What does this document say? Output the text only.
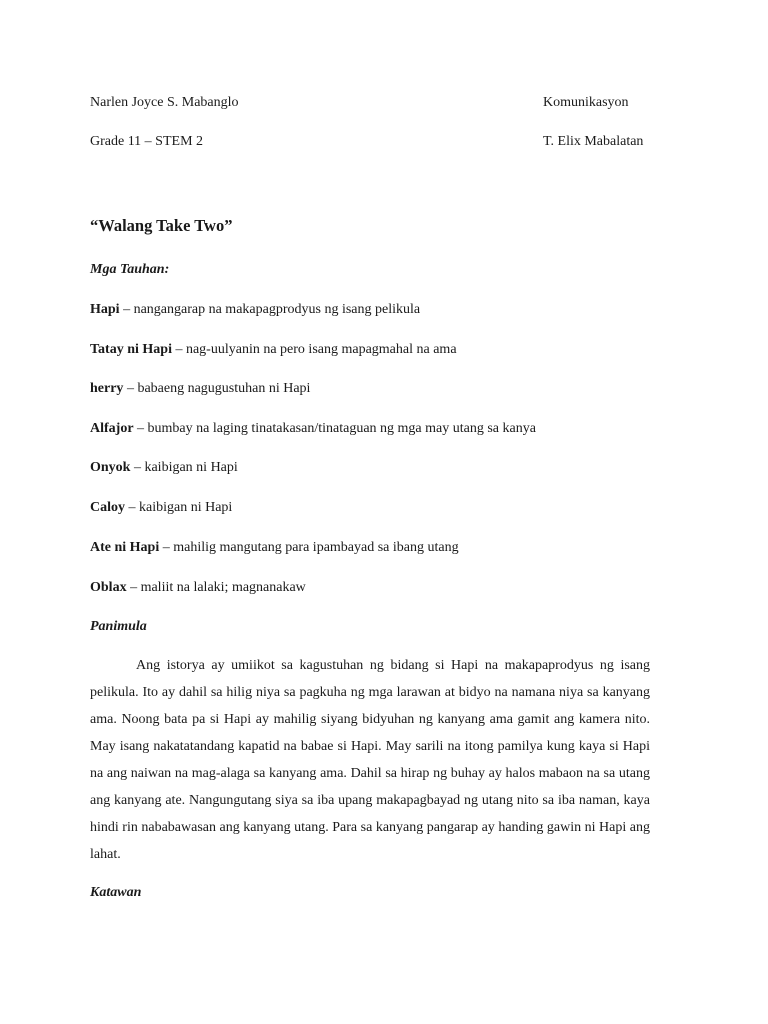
Narlen Joyce S. Mabanglo	Komunikasyon
Grade 11 – STEM 2	T. Elix Mabalatan
“Walang Take Two”
Mga Tauhan:
Hapi – nangangarap na makapagprodyus ng isang pelikula
Tatay ni Hapi – nag-uulyanin na pero isang mapagmahal na ama
herry – babaeng nagugustuhan ni Hapi
Alfajor – bumbay na laging tinatakasan/tinataguan ng mga may utang sa kanya
Onyok – kaibigan ni Hapi
Caloy – kaibigan ni Hapi
Ate ni Hapi – mahilig mangutang para ipambayad sa ibang utang
Oblax – maliit na lalaki; magnanakaw
Panimula

Ang istorya ay umiikot sa kagustuhan ng bidang si Hapi na makapaprodyus ng isang pelikula. Ito ay dahil sa hilig niya sa pagkuha ng mga larawan at bidyo na namana niya sa kanyang ama. Noong bata pa si Hapi ay mahilig siyang bidyuhan ng kanyang ama gamit ang kamera nito. May isang nakatatandang kapatid na babae si Hapi. May sarili na itong pamilya kung kaya si Hapi na ang naiwan na mag-alaga sa kanyang ama. Dahil sa hirap ng buhay ay halos mabaon na sa utang ang kanyang ate. Nangungutang siya sa iba upang makapagbayad ng utang nito sa iba naman, kaya hindi rin nababawasan ang kanyang utang. Para sa kanyang pangarap ay handing gawin ni Hapi ang lahat.

Katawan
